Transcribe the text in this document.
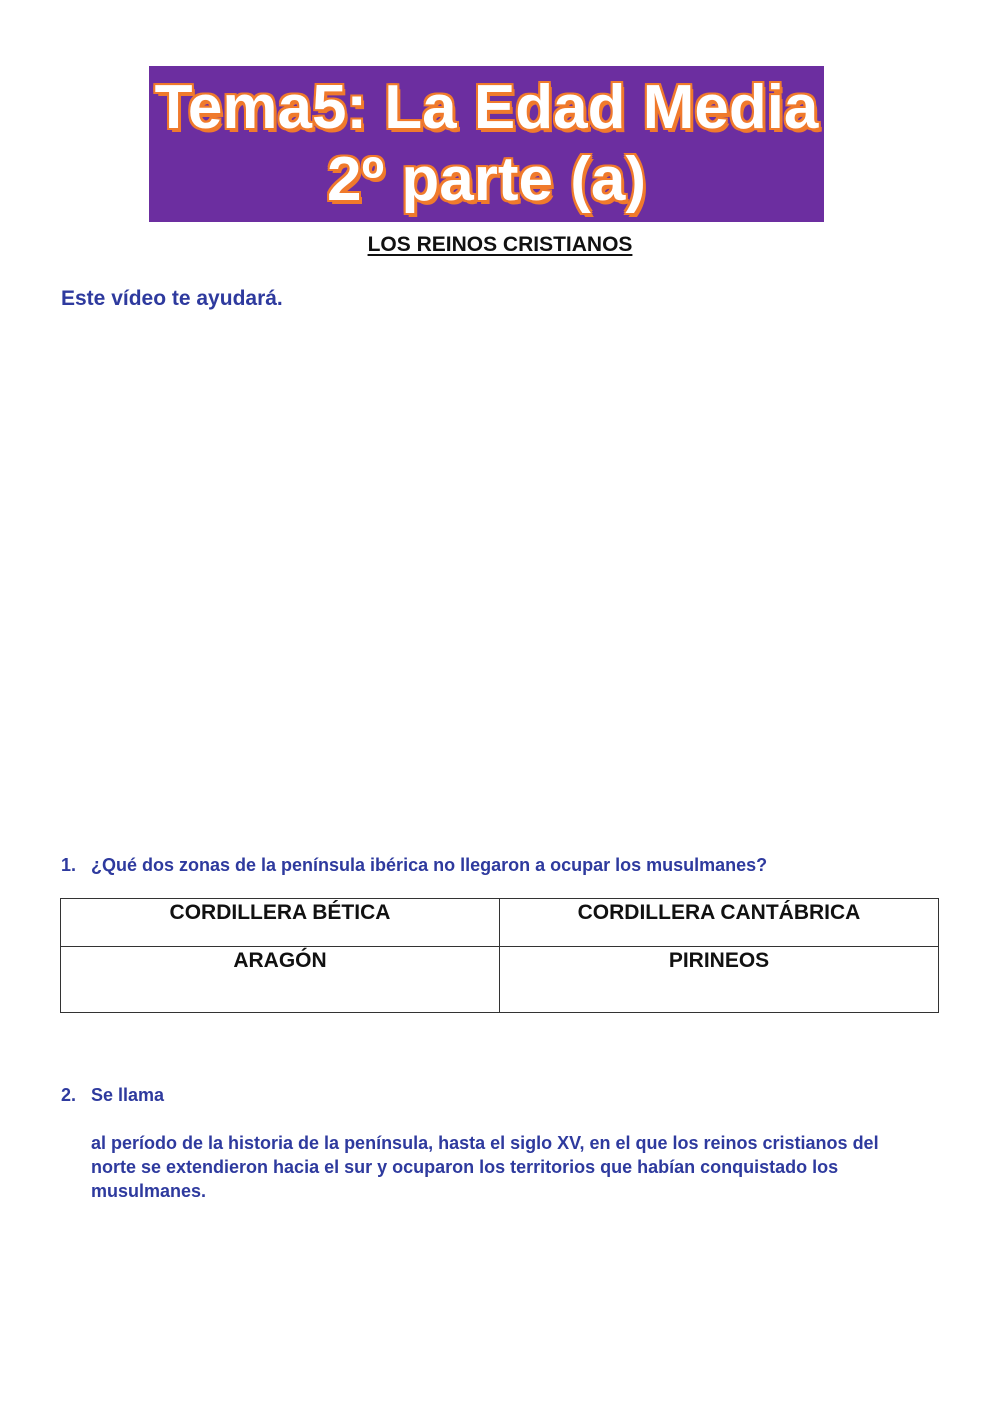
Tema5: La Edad Media
2º parte (a)
LOS REINOS CRISTIANOS
Este vídeo te ayudará.
1. ¿Qué dos zonas de la península ibérica no llegaron a ocupar los musulmanes?
CORDILLERA BÉTICA	CORDILLERA CANTÁBRICA
ARAGÓN	PIRINEOS
2. Se llama
al período de la historia de la península, hasta el siglo XV, en el que los reinos cristianos del norte se extendieron hacia el sur y ocuparon los territorios que habían conquistado los musulmanes.
